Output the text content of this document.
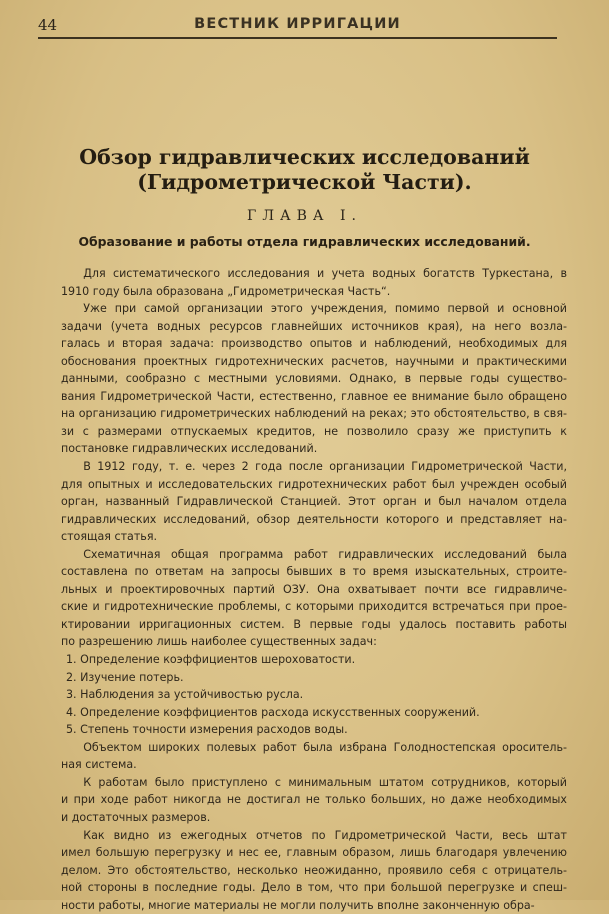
44	ВЕСТНИК ИРРИГАЦИИ
Обзор гидравлических исследований
(Гидрометрической Части).
ГЛАВА I.
Образование и работы отдела гидравлических исследований.
  Для систематического исследования и учета водных богатств Туркестана, в
1910 году была образована „Гидрометрическая Часть“.
  Уже при самой организации этого учреждения, помимо первой и основной
задачи (учета водных ресурсов главнейших источников края), на него возла-
галась и вторая задача: производство опытов и наблюдений, необходимых для
обоснования проектных гидротехнических расчетов, научными и практическими
данными, сообразно с местными условиями. Однако, в первые годы существо-
вания Гидрометрической Части, естественно, главное ее внимание было обращено
на организацию гидрометрических наблюдений на реках; это обстоятельство, в свя-
зи с размерами отпускаемых кредитов, не позволило сразу же приступить к
постановке гидравлических исследований.
  В 1912 году, т. е. через 2 года после организации Гидрометрической Части,
для опытных и исследовательских гидротехнических работ был учрежден особый
орган, названный Гидравлической Станцией. Этот орган и был началом отдела
гидравлических исследований, обзор деятельности которого и представляет на-
стоящая статья.
  Схематичная общая программа работ гидравлических исследований была
составлена по ответам на запросы бывших в то время изыскательных, строите-
льных и проектировочных партий ОЗУ. Она охватывает почти все гидравличе-
ские и гидротехнические проблемы, с которыми приходится встречаться при прое-
ктировании ирригационных систем. В первые годы удалось поставить работы
по разрешению лишь наиболее существенных задач:
1. Определение коэффициентов шероховатости.
2. Изучение потерь.
3. Наблюдения за устойчивостью русла.
4. Определение коэффициентов расхода искусственных сооружений.
5. Степень точности измерения расходов воды.
  Объектом широких полевых работ была избрана Голодностепская ороситель-
ная система.
  К работам было приступлено с минимальным штатом сотрудников, который
и при ходе работ никогда не достигал не только больших, но даже необходимых
и достаточных размеров.
  Как видно из ежегодных отчетов по Гидрометрической Части, весь штат
имел большую перегрузку и нес ее, главным образом, лишь благодаря увлечению
делом. Это обстоятельство, несколько неожиданно, проявило себя с отрицатель-
ной стороны в последние годы. Дело в том, что при большой перегрузке и спеш-
ности работы, многие материалы не могли получить вполне законченную обра-
